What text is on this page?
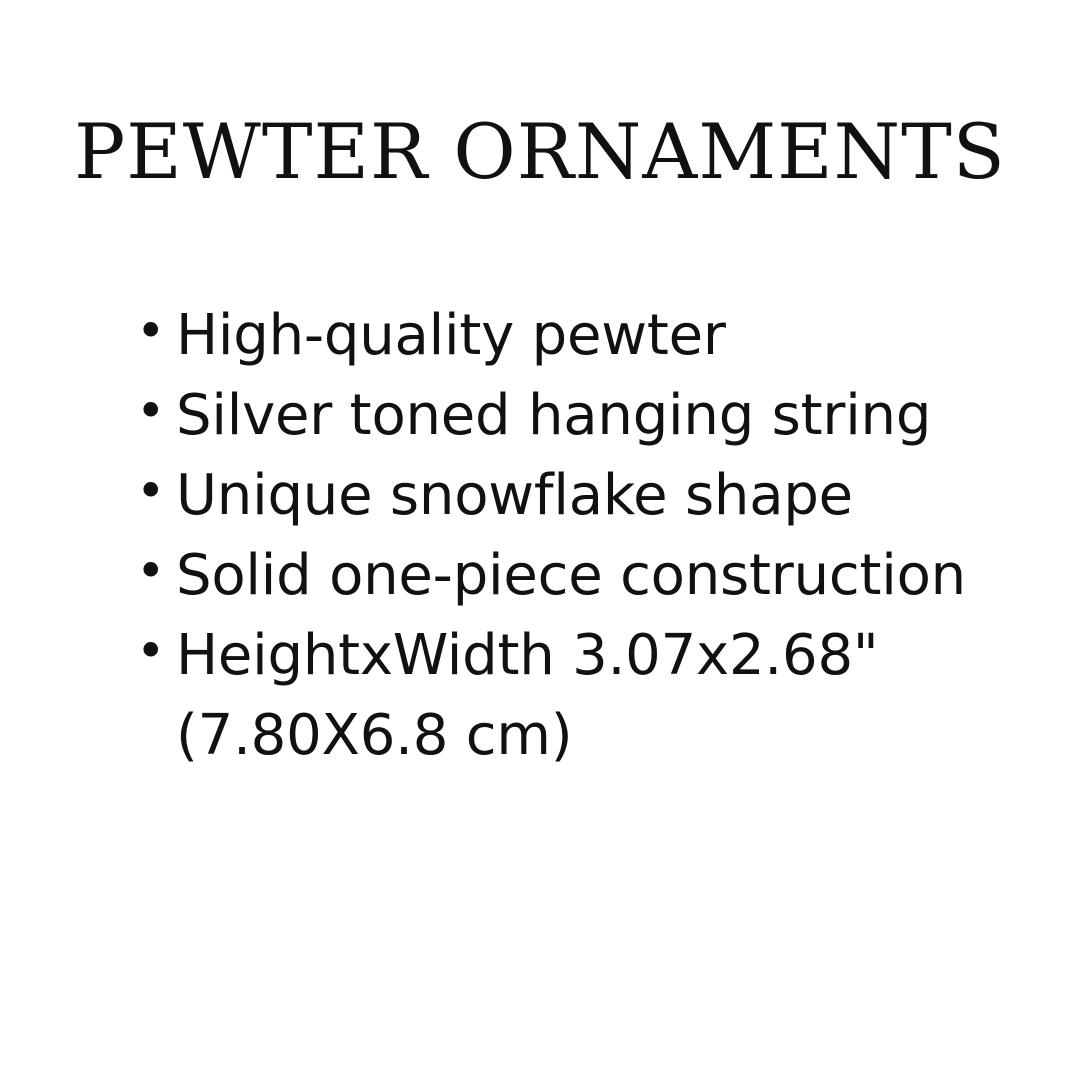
PEWTER ORNAMENTS
• High-quality pewter
• Silver toned hanging string
• Unique snowflake shape
• Solid one-piece construction
• HeightxWidth 3.07x2.68" (7.80X6.8 cm)
